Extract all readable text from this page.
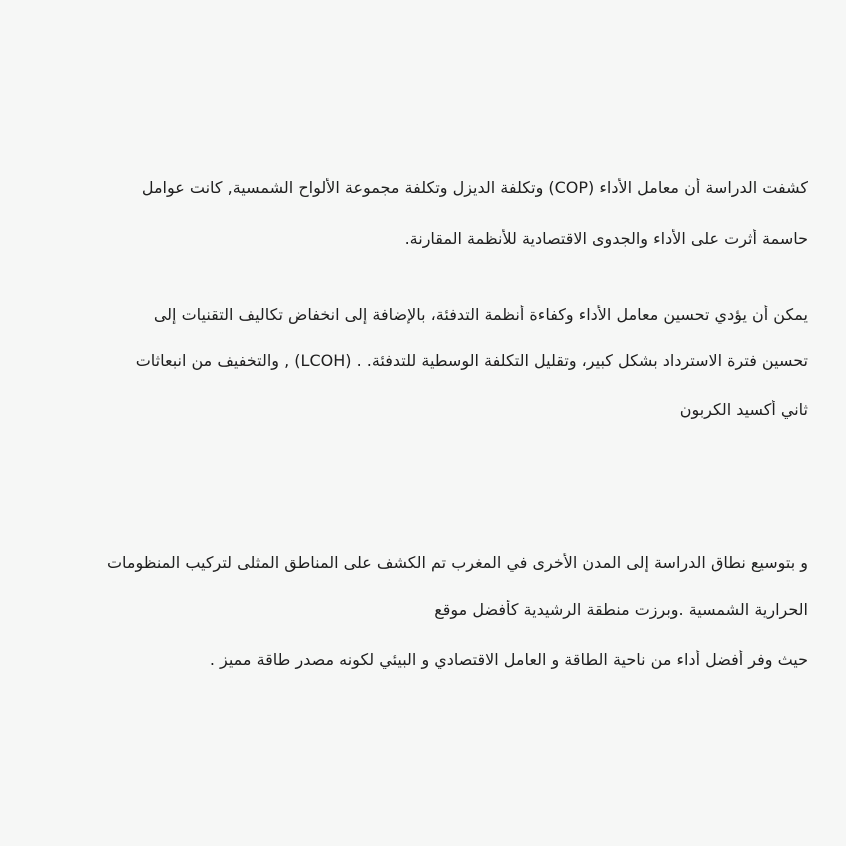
كشفت الدراسة أن معامل الأداء (COP) وتكلفة الديزل وتكلفة مجموعة الألواح الشمسية, كانت عوامل
حاسمة أثرت على الأداء والجدوى الاقتصادية للأنظمة المقارنة.
يمكن أن يؤدي تحسين معامل الأداء وكفاءة أنظمة التدفئة، بالإضافة إلى انخفاض تكاليف التقنيات إلى
تحسين فترة الاسترداد بشكل كبير، وتقليل التكلفة الوسطية للتدفئة. . (LCOH) , والتخفيف من انبعاثات
ثاني أكسيد الكربون
و بتوسيع نطاق الدراسة إلى المدن الأخرى في المغرب تم الكشف على المناطق المثلى لتركيب المنظومات
الحرارية الشمسية .وبرزت منطقة الرشيدية كأفضل موقع
حيث وفر أفضل أداء من ناحية الطاقة و العامل الاقتصادي و البيئي لكونه مصدر طاقة مميز .
